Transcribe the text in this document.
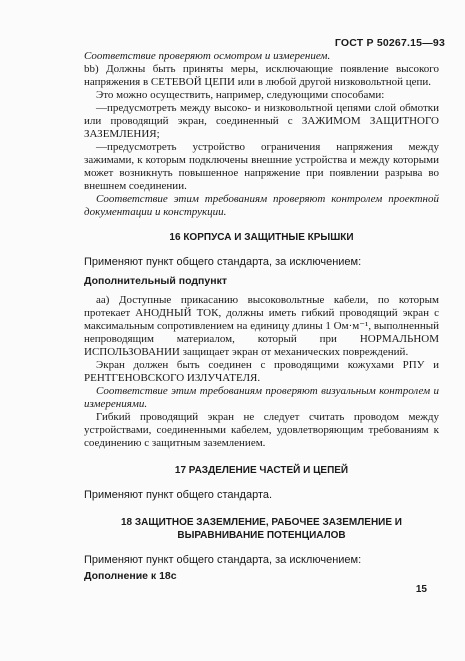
ГОСТ Р 50267.15—93

Соответствие проверяют осмотром и измерением.

bb) Должны быть приняты меры, исключающие появление высокого напряжения в СЕТЕВОЙ ЦЕПИ или в любой другой низковольтной цепи.

Это можно осуществить, например, следующими способами:

—предусмотреть между высоко- и низковольтной цепями слой обмотки или проводящий экран, соединенный с ЗАЖИМОМ ЗАЩИТНОГО ЗАЗЕМЛЕНИЯ;

—предусмотреть устройство ограничения напряжения между зажимами, к которым подключены внешние устройства и между которыми может возникнуть повышенное напряжение при появлении разрыва во внешнем соединении.

Соответствие этим требованиям проверяют контролем проектной документации и конструкции.

16 КОРПУСА И ЗАЩИТНЫЕ КРЫШКИ

Применяют пункт общего стандарта, за исключением:

Дополнительный подпункт

аа) Доступные прикасанию высоковольтные кабели, по которым протекает АНОДНЫЙ ТОК, должны иметь гибкий проводящий экран с максимальным сопротивлением на единицу длины 1 Ом·м⁻¹, выполненный непроводящим материалом, который при НОРМАЛЬНОМ ИСПОЛЬЗОВАНИИ защищает экран от механических повреждений.

Экран должен быть соединен с проводящими кожухами РПУ и РЕНТГЕНОВСКОГО ИЗЛУЧАТЕЛЯ.

Соответствие этим требованиям проверяют визуальным контролем и измерениями.

Гибкий проводящий экран не следует считать проводом между устройствами, соединенными кабелем, удовлетворяющим требованиям к соединению с защитным заземлением.

17 РАЗДЕЛЕНИЕ ЧАСТЕЙ И ЦЕПЕЙ

Применяют пункт общего стандарта.

18 ЗАЩИТНОЕ ЗАЗЕМЛЕНИЕ, РАБОЧЕЕ ЗАЗЕМЛЕНИЕ И ВЫРАВНИВАНИЕ ПОТЕНЦИАЛОВ

Применяют пункт общего стандарта, за исключением:

Дополнение к 18с

15
